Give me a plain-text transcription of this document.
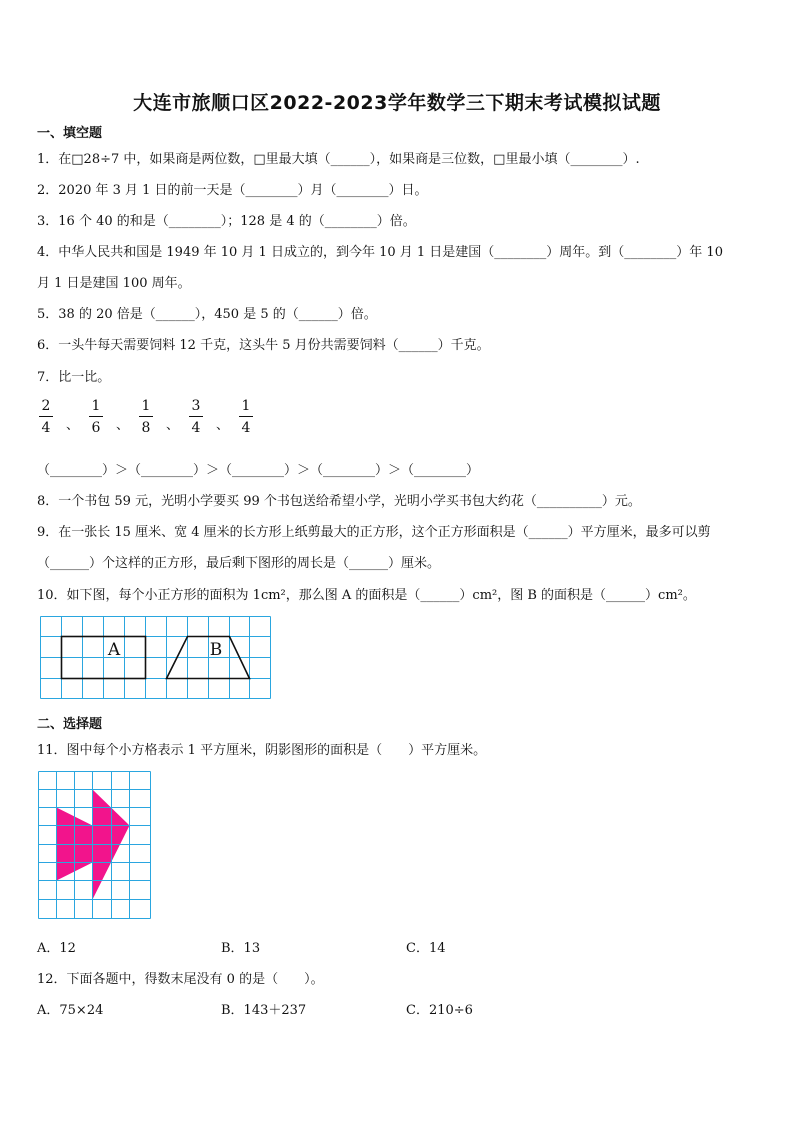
大连市旅顺口区2022-2023学年数学三下期末考试模拟试题
一、填空题
1．在□28÷7 中，如果商是两位数，□里最大填（______），如果商是三位数，□里最小填（________）.
2．2020 年 3 月 1 日的前一天是（________）月（________）日。
3．16 个 40 的和是（________）；128 是 4 的（________）倍。
4．中华人民共和国是 1949 年 10 月 1 日成立的，到今年 10 月 1 日是建国（________）周年。到（________）年 10
月 1 日是建国 100 周年。
5．38 的 20 倍是（______），450 是 5 的（______）倍。
6．一头牛每天需要饲料 12 千克，这头牛 5 月份共需要饲料（______）千克。
7．比一比。
2
4	、
1
6	、
1
8	、
3
4	、
1
4
（________）＞（________）＞（________）＞（________）＞（________）
8．一个书包 59 元，光明小学要买 99 个书包送给希望小学，光明小学买书包大约花（__________）元。
9．在一张长 15 厘米、宽 4 厘米的长方形上纸剪最大的正方形，这个正方形面积是（______）平方厘米，最多可以剪
（______）个这样的正方形，最后剩下图形的周长是（______）厘米。
10．如下图，每个小正方形的面积为 1cm²，那么图 A 的面积是（______）cm²，图 B 的面积是（______）cm²。
A	B
二、选择题
11．图中每个小方格表示 1 平方厘米，阴影图形的面积是（　　）平方厘米。
A．12	B．13	C．14
12．下面各题中，得数末尾没有 0 的是（　　）。
A．75×24	B．143＋237	C．210÷6
